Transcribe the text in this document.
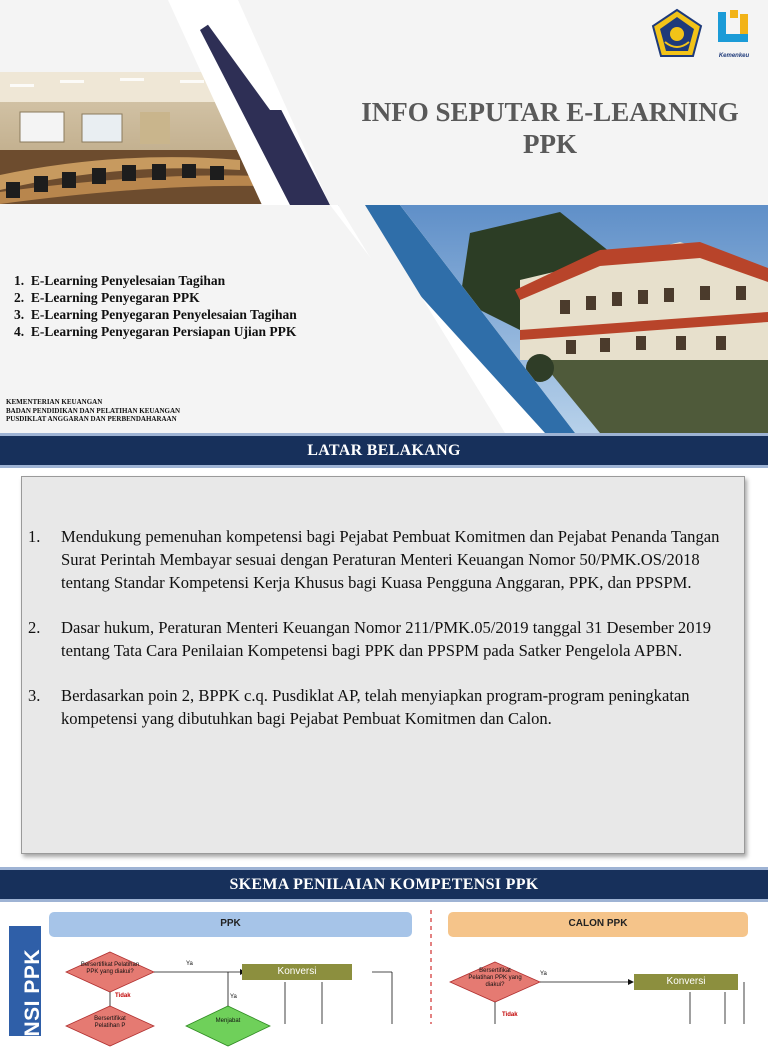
Kemenkeu
INFO SEPUTAR E-LEARNING
PPK
1.  E-Learning Penyelesaian Tagihan
2.  E-Learning Penyegaran PPK
3.  E-Learning Penyegaran Penyelesaian Tagihan
4.  E-Learning Penyegaran Persiapan Ujian PPK
KEMENTERIAN KEUANGAN
BADAN PENDIDIKAN DAN PELATIHAN KEUANGAN
PUSDIKLAT ANGGARAN DAN PERBENDAHARAAN
LATAR BELAKANG
1.	Mendukung pemenuhan kompetensi bagi Pejabat Pembuat Komitmen dan Pejabat Penanda Tangan Surat Perintah Membayar sesuai dengan Peraturan Menteri Keuangan Nomor 50/PMK.OS/2018 tentang Standar Kompetensi Kerja Khusus bagi Kuasa Pengguna Anggaran, PPK, dan PPSPM.
2.	Dasar hukum, Peraturan Menteri Keuangan Nomor 211/PMK.05/2019 tanggal 31 Desember 2019 tentang Tata Cara Penilaian Kompetensi bagi PPK dan PPSPM pada Satker Pengelola APBN.
3.	Berdasarkan poin 2, BPPK c.q. Pusdiklat AP, telah menyiapkan program-program peningkatan kompetensi yang dibutuhkan bagi Pejabat Pembuat Komitmen dan Calon.
SKEMA PENILAIAN KOMPETENSI PPK
ENSI PPK
PPK	CALON PPK
Konversi
Konversi
Bersertifikat Pelatihan PPK yang diakui?
Bersertifikat Pelatihan P
Menjabat
Bersertifikat Pelatihan PPK yang diakui?
Ya
Ya
Ya
Tidak
Tidak
